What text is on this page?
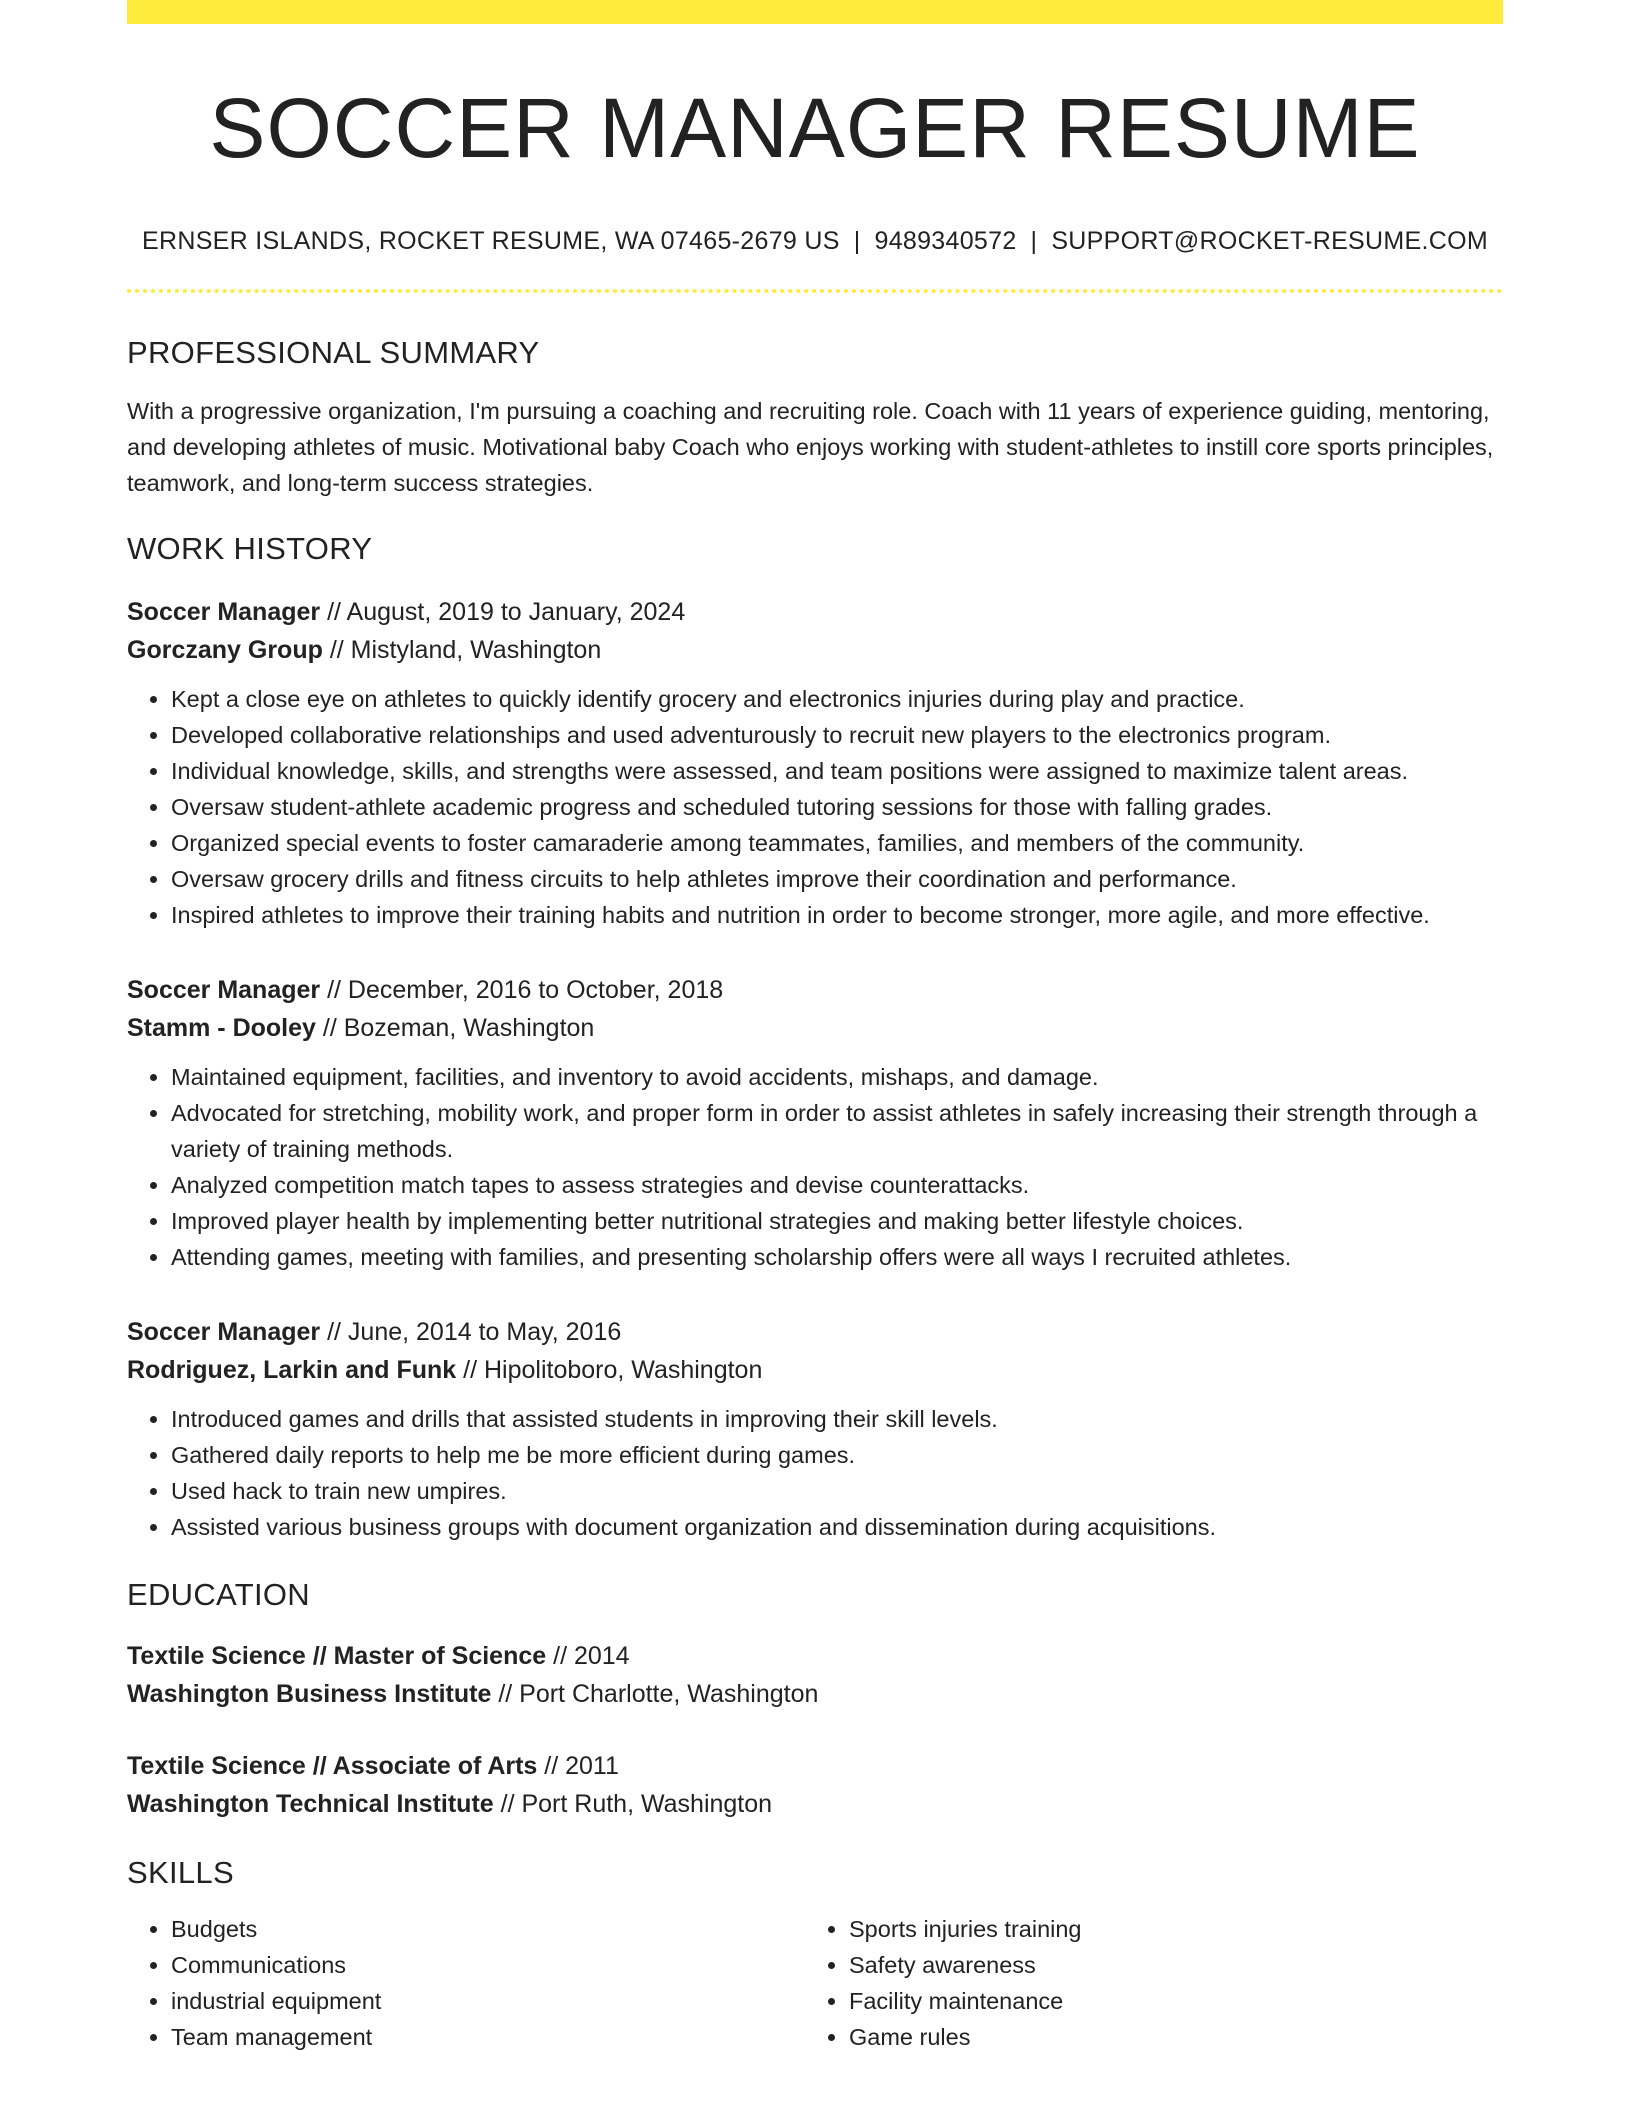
SOCCER MANAGER RESUME
ERNSER ISLANDS, ROCKET RESUME, WA 07465-2679 US | 9489340572 | SUPPORT@ROCKET-RESUME.COM
PROFESSIONAL SUMMARY
With a progressive organization, I'm pursuing a coaching and recruiting role. Coach with 11 years of experience guiding, mentoring, and developing athletes of music. Motivational baby Coach who enjoys working with student-athletes to instill core sports principles, teamwork, and long-term success strategies.
WORK HISTORY
Soccer Manager // August, 2019 to January, 2024
Gorczany Group // Mistyland, Washington
• Kept a close eye on athletes to quickly identify grocery and electronics injuries during play and practice.
• Developed collaborative relationships and used adventurously to recruit new players to the electronics program.
• Individual knowledge, skills, and strengths were assessed, and team positions were assigned to maximize talent areas.
• Oversaw student-athlete academic progress and scheduled tutoring sessions for those with falling grades.
• Organized special events to foster camaraderie among teammates, families, and members of the community.
• Oversaw grocery drills and fitness circuits to help athletes improve their coordination and performance.
• Inspired athletes to improve their training habits and nutrition in order to become stronger, more agile, and more effective.
Soccer Manager // December, 2016 to October, 2018
Stamm - Dooley // Bozeman, Washington
• Maintained equipment, facilities, and inventory to avoid accidents, mishaps, and damage.
• Advocated for stretching, mobility work, and proper form in order to assist athletes in safely increasing their strength through a variety of training methods.
• Analyzed competition match tapes to assess strategies and devise counterattacks.
• Improved player health by implementing better nutritional strategies and making better lifestyle choices.
• Attending games, meeting with families, and presenting scholarship offers were all ways I recruited athletes.
Soccer Manager // June, 2014 to May, 2016
Rodriguez, Larkin and Funk // Hipolitoboro, Washington
• Introduced games and drills that assisted students in improving their skill levels.
• Gathered daily reports to help me be more efficient during games.
• Used hack to train new umpires.
• Assisted various business groups with document organization and dissemination during acquisitions.
EDUCATION
Textile Science // Master of Science // 2014
Washington Business Institute // Port Charlotte, Washington
Textile Science // Associate of Arts // 2011
Washington Technical Institute // Port Ruth, Washington
SKILLS
• Budgets
• Communications
• industrial equipment
• Team management
• Sports injuries training
• Safety awareness
• Facility maintenance
• Game rules
